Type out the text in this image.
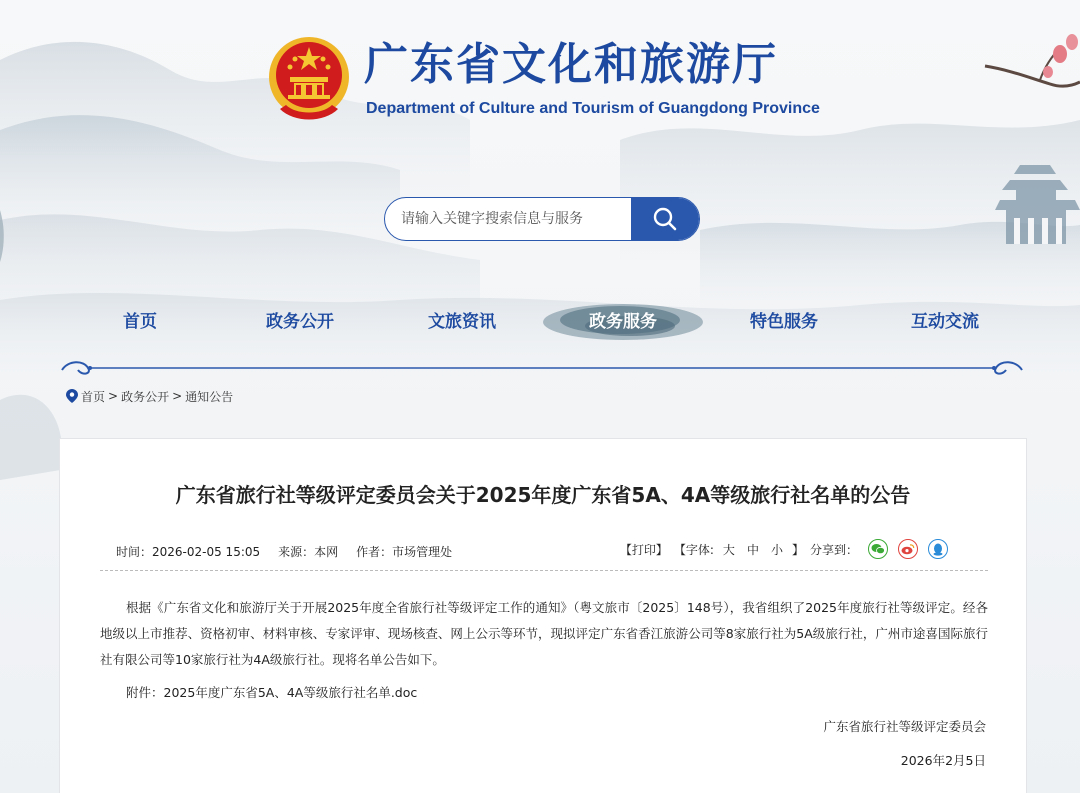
广东省文化和旅游厅
Department of Culture and Tourism of Guangdong Province
请输入关键字搜索信息与服务
首页	政务公开	文旅资讯	政务服务	特色服务	互动交流
首页 > 政务公开 > 通知公告
广东省旅行社等级评定委员会关于2025年度广东省5A、4A等级旅行社名单的公告
时间：2026-02-05 15:05 来源：本网 作者：市场管理处	【打印】 【字体: 大 中 小 】 分享到：

根据《广东省文化和旅游厅关于开展2025年度全省旅行社等级评定工作的通知》（粤文旅市〔2025〕148号），我省组织了2025年度旅行社等级评定。经各地级以上市推荐、资格初审、材料审核、专家评审、现场核查、网上公示等环节，现拟评定广东省香江旅游公司等8家旅行社为5A级旅行社，广州市途喜国际旅行社有限公司等10家旅行社为4A级旅行社。现将名单公告如下。

附件：2025年度广东省5A、4A等级旅行社名单.doc
广东省旅行社等级评定委员会
2026年2月5日
